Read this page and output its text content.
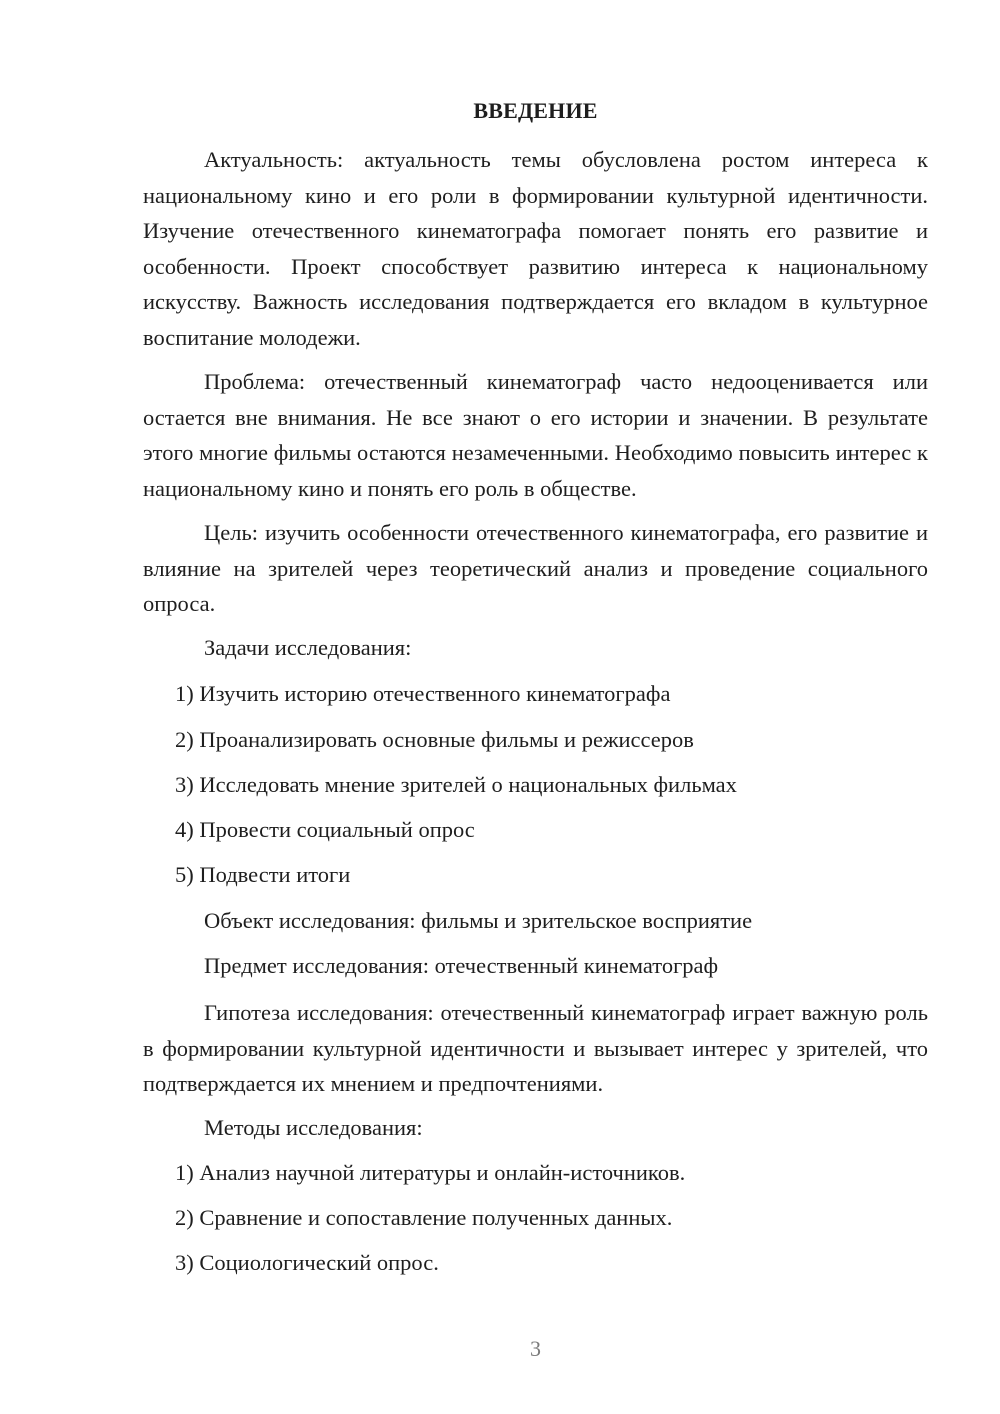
ВВЕДЕНИЕ

Актуальность: актуальность темы обусловлена ростом интереса к национальному кино и его роли в формировании культурной идентичности. Изучение отечественного кинематографа помогает понять его развитие и особенности. Проект способствует развитию интереса к национальному искусству. Важность исследования подтверждается его вкладом в культурное воспитание молодежи.

Проблема: отечественный кинематограф часто недооценивается или остается вне внимания. Не все знают о его истории и значении. В результате этого многие фильмы остаются незамеченными. Необходимо повысить интерес к национальному кино и понять его роль в обществе.

Цель: изучить особенности отечественного кинематографа, его развитие и влияние на зрителей через теоретический анализ и проведение социального опроса.

Задачи исследования:
1) Изучить историю отечественного кинематографа
2) Проанализировать основные фильмы и режиссеров
3) Исследовать мнение зрителей о национальных фильмах
4) Провести социальный опрос
5) Подвести итоги
Объект исследования: фильмы и зрительское восприятие
Предмет исследования: отечественный кинематограф

Гипотеза исследования: отечественный кинематограф играет важную роль в формировании культурной идентичности и вызывает интерес у зрителей, что подтверждается их мнением и предпочтениями.

Методы исследования:
1) Анализ научной литературы и онлайн-источников.
2) Сравнение и сопоставление полученных данных.
3) Социологический опрос.
3
